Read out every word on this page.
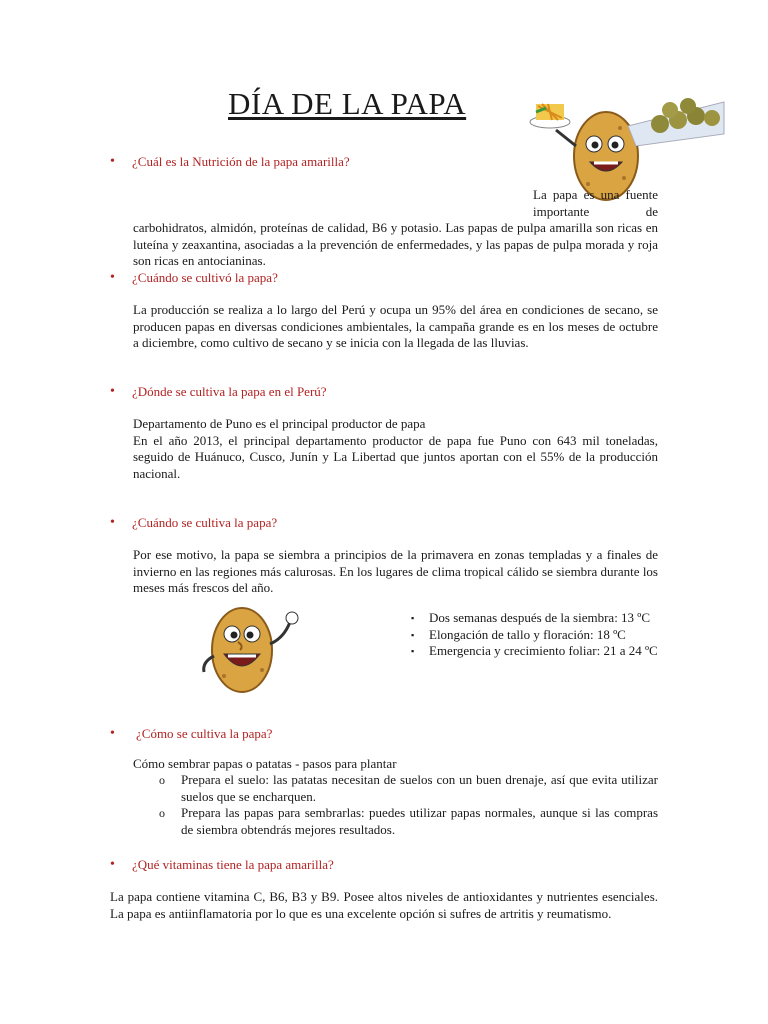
DÍA DE LA PAPA
•	¿Cuál es la Nutrición de la papa amarilla?
La papa es una fuente importante de carbohidratos, almidón, proteínas de calidad, B6 y potasio. Las papas de pulpa amarilla son ricas en luteína y zeaxantina, asociadas a la prevención de enfermedades, y las papas de pulpa morada y roja son ricas en antocianinas.
•	¿Cuándo se cultivó la papa?
La producción se realiza a lo largo del Perú y ocupa un 95% del área en condiciones de secano, se producen papas en diversas condiciones ambientales, la campaña grande es en los meses de octubre a diciembre, como cultivo de secano y se inicia con la llegada de las lluvias.
•	¿Dónde se cultiva la papa en el Perú?
Departamento de Puno es el principal productor de papa
En el año 2013, el principal departamento productor de papa fue Puno con 643 mil toneladas, seguido de Huánuco, Cusco, Junín y La Libertad que juntos aportan con el 55% de la producción nacional.
•	¿Cuándo se cultiva la papa?
Por ese motivo, la papa se siembra a principios de la primavera en zonas templadas y a finales de invierno en las regiones más calurosas. En los lugares de clima tropical cálido se siembra durante los meses más frescos del año.
▪ Dos semanas después de la siembra: 13 ºC
▪ Elongación de tallo y floración: 18 ºC
▪ Emergencia y crecimiento foliar: 21 a 24 ºC
•	¿Cómo se cultiva la papa?
Cómo sembrar papas o patatas - pasos para plantar
o Prepara el suelo: las patatas necesitan de suelos con un buen drenaje, así que evita utilizar suelos que se encharquen.
o Prepara las papas para sembrarlas: puedes utilizar papas normales, aunque si las compras de siembra obtendrás mejores resultados.
•	¿Qué vitaminas tiene la papa amarilla?
La papa contiene vitamina C, B6, B3 y B9. Posee altos niveles de antioxidantes y nutrientes esenciales. La papa es antiinflamatoria por lo que es una excelente opción si sufres de artritis y reumatismo.
